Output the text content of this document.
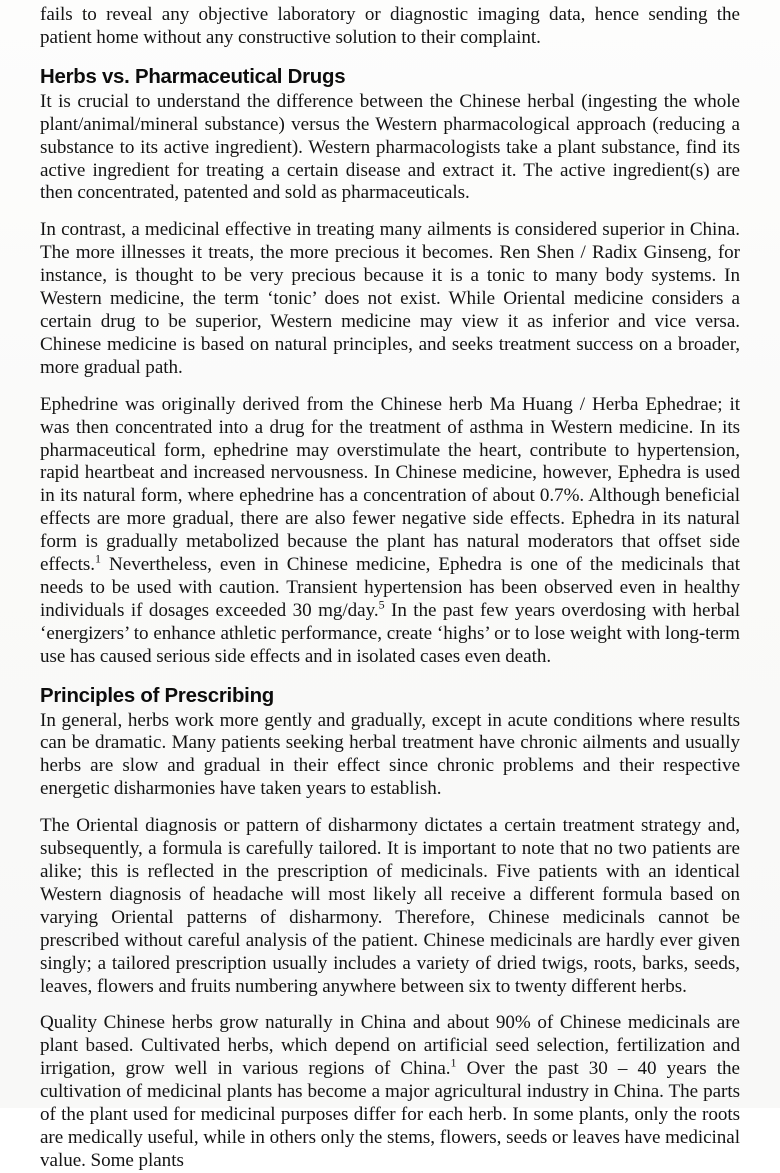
fails to reveal any objective laboratory or diagnostic imaging data, hence sending the patient home without any constructive solution to their complaint.

Herbs vs. Pharmaceutical Drugs

It is crucial to understand the difference between the Chinese herbal (ingesting the whole plant/animal/mineral substance) versus the Western pharmacological approach (reducing a substance to its active ingredient). Western pharmacologists take a plant substance, find its active ingredient for treating a certain disease and extract it. The active ingredient(s) are then concentrated, patented and sold as pharmaceuticals.

In contrast, a medicinal effective in treating many ailments is considered superior in China. The more illnesses it treats, the more precious it becomes. Ren Shen / Radix Ginseng, for instance, is thought to be very precious because it is a tonic to many body systems. In Western medicine, the term ‘tonic’ does not exist. While Oriental medicine considers a certain drug to be superior, Western medicine may view it as inferior and vice versa. Chinese medicine is based on natural principles, and seeks treatment success on a broader, more gradual path.

Ephedrine was originally derived from the Chinese herb Ma Huang / Herba Ephedrae; it was then concentrated into a drug for the treatment of asthma in Western medicine. In its pharmaceutical form, ephedrine may overstimulate the heart, contribute to hypertension, rapid heartbeat and increased nervousness. In Chinese medicine, however, Ephedra is used in its natural form, where ephedrine has a concentration of about 0.7%. Although beneficial effects are more gradual, there are also fewer negative side effects. Ephedra in its natural form is gradually metabolized because the plant has natural moderators that offset side effects.$^1$ Nevertheless, even in Chinese medicine, Ephedra is one of the medicinals that needs to be used with caution. Transient hypertension has been observed even in healthy individuals if dosages exceeded 30 mg/day.$^5$ In the past few years overdosing with herbal ‘energizers’ to enhance athletic performance, create ‘highs’ or to lose weight with long-term use has caused serious side effects and in isolated cases even death.

Principles of Prescribing

In general, herbs work more gently and gradually, except in acute conditions where results can be dramatic. Many patients seeking herbal treatment have chronic ailments and usually herbs are slow and gradual in their effect since chronic problems and their respective energetic disharmonies have taken years to establish.

The Oriental diagnosis or pattern of disharmony dictates a certain treatment strategy and, subsequently, a formula is carefully tailored. It is important to note that no two patients are alike; this is reflected in the prescription of medicinals. Five patients with an identical Western diagnosis of headache will most likely all receive a different formula based on varying Oriental patterns of disharmony. Therefore, Chinese medicinals cannot be prescribed without careful analysis of the patient. Chinese medicinals are hardly ever given singly; a tailored prescription usually includes a variety of dried twigs, roots, barks, seeds, leaves, flowers and fruits numbering anywhere between six to twenty different herbs.

Quality Chinese herbs grow naturally in China and about 90% of Chinese medicinals are plant based. Cultivated herbs, which depend on artificial seed selection, fertilization and irrigation, grow well in various regions of China.$^1$ Over the past 30 – 40 years the cultivation of medicinal plants has become a major agricultural industry in China. The parts of the plant used for medicinal purposes differ for each herb. In some plants, only the roots are medically useful, while in others only the stems, flowers, seeds or leaves have medicinal value. Some plants
